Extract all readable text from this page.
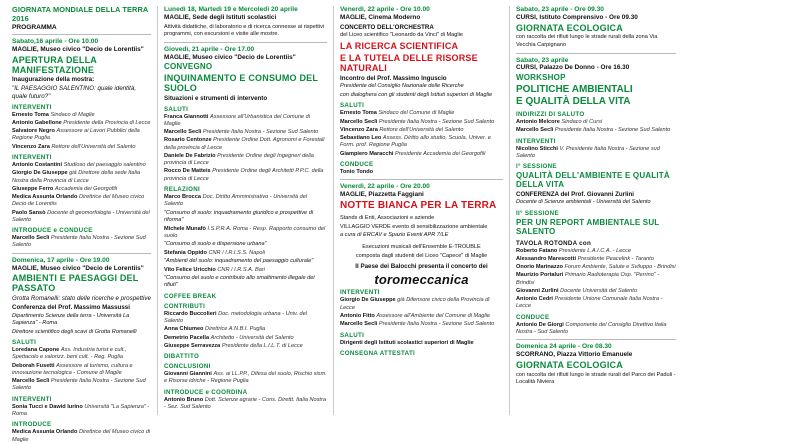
GIORNATA MONDIALE DELLA TERRA 2016
PROGRAMMA
Sabato,16 aprile - Ore 10.00
MAGLIE, Museo civico "Decio de Lorentiis"
APERTURA DELLA MANIFESTAZIONE
Inaugurazione della mostra:
"IL PAESAGGIO SALENTINO: quale identità, quale futuro?"
INTERVENTI
Ernesto Toma Sindaco di Maglie
Antonio Gabellone Presidente della Provincia di Lecce
Salvatore Negro Assessore ai Lavori Pubblici della Regione Puglia
Vincenzo Zara Rettore dell'Università del Salento
INTERVENTI
Antonio Costantini Studioso del paesaggio salentino
Giorgio De Giuseppe già Direttore della sede Italia Nostra della Provincia di Lecce
Giuseppe Ferro Accademia dei Georgofili
Medica Assunta Orlando Direttrice del Museo civico Decio de Lorentiis
Paolo Sansò Docente di geomorfologia - Università del Salento
INTRODUCE e CONDUCE
Marcello Seclì Presidente Italia Nostra - Sezione Sud Salento
Domenica, 17 aprile - Ore 19.00
MAGLIE, Museo civico "Decio de Lorentiis"
AMBIENTI E PAESAGGI DEL PASSATO
Grotta Romanelli: stato delle ricerche e prospettive
Conferenza del Prof. Massimo Massussi
Dipartimento Scienze della terra - Università La Sapienza" - Roma
Direttore scientifico degli scavi di Grotta Romanelli
SALUTI
Loredana Capone Ass. Industria turist e cult., Spettacolo e valorizz. beni cult. - Reg. Puglia
Deborah Fusetti Assessore al turismo, cultura e innovazione tecnologica - Comune di Maglie
Marcello Seclì Presidente Italia Nostra - Sezione Sud Salento
INTERVENTI
Sonia Tucci e Dawid Iurino Università "La Sapienza" - Roma
INTRODUCE
Medica Assunta Orlando Direttrice del Museo civico di Maglie
Lunedì 18, Martedì 19 e Mercoledì 20 aprile
MAGLIE, Sede degli Istituti scolastici
Attività didattiche, di laboratorio e di ricerca connesse ai rispettivi programmi, con escursioni e visite alle mostre.
Giovedì, 21 aprile - Ore 17.00
MAGLIE, Museo civico "Decio de Lorentiis"
CONVEGNO
INQUINAMENTO E CONSUMO DEL SUOLO
Situazioni e strumenti di intervento
SALUTI
Franca Giannotti Assessore all'Urbanistica del Comune di Maglie
Marcello Seclì Presidente Italia Nostra - Sezione Sud Salento
Rosario Centonze Presidente Ordine Dott. Agronomi e Forestali della provincia di Lecce
Daniele De Fabrizio Presidente Ordine degli Ingegneri della provincia di Lecce
Rocco De Matteis Presidente Ordine degli Architetti P.P.C. della provincia di Lecce
RELAZIONI
Marco Brocca Doc. Diritto Amministrativo - Università del Salento
"Consumo di suolo: inquadramento giuridico e prospettive di riforma"
Michele Munafò I.S.P.R.A. Roma - Resp. Rapporto consumo del suolo
"Consumo di suolo e dispersione urbana"
Stefania Oppido CNR / I.R.I.S.S. Napoli
"Ambienti del suolo: inquadramento del paesaggio culturale"
Vito Felice Uricchio CNR / I.R.S.A. Bari
"Consumo del suolo e contributo allo smaltimento illegale dei rifiuti"
COFFEE BREAK
CONTRIBUTI
Riccardo Buccolieri Doc. metodologia urbana - Univ. del Salento
Anna Chiumeo Direttrice A.N.B.I. Puglia
Demetrio Pacella Architetto - Università del Salento
Giuseppe Serravezza Presidente della L.I.L.T. di Lecce
DIBATTITO
CONCLUSIONI
Giovanni Giannini Ass. ai LL.PP., Difesa del suolo, Rischio sism. e Risorse idriche - Regione Puglia
INTRODUCE e COORDINA
Antonio Bruno Dott. Scienze agrarie - Cons. Direttt. Italia Nostra - Sez. Sud Salento
Venerdì, 22 aprile - Ore 10.00
MAGLIE, Cinema Moderno
CONCERTO DELL'ORCHESTRA
del Liceo scientifico "Leonardo da Vinci" di Maglie
LA RICERCA SCIENTIFICA
E LA TUTELA DELLE RISORSE NATURALI
Incontro del Prof. Massimo Inguscio
Presidente del Consiglio Nazionale delle Ricerche
con dialoghera con gli studenti degli Istituti superiori di Maglie
SALUTI
Ernesto Toma Sindaco del Comune di Maglie
Marcello Seclì Presidente Italia Nostra - Sezione Sud Salento
Vincenzo Zara Rettore dell'Università del Salento
Sebastiano Leo Assess. Diritto allo studio, Scuola, Univer. e Form. prof. Regione Puglia
Giampiero Maracchi Presidente Accademia dei Georgofili
CONDUCE
Tonio Tondo
Venerdì, 22 aprile - Ore 20.00
MAGLIE, Piazzetta Faggiani
NOTTE BIANCA PER LA TERRA
Stands di Enti, Associazioni e aziende
VILLAGGIO VERDE evento di sensibilizzazione ambientale
a cura di ERCAV e Spazio Eventi APR 7/LE
Esecuzioni musicali dell'Ensemble E-TROUBLE
composta dagli studenti del Liceo "Capece" di Maglie
Il Paese dei Balocchi presenta il concerto dei
toromeccanica
INTERVENTI
Giorgio De Giuseppe già Difensore civico della Provincia di Lecce
Antonio Fitto Assessore all'Ambiente del Comune di Maglie
Marcello Seclì Presidente Italia Nostra - Sezione Sud Salento
SALUTI
Dirigenti degli Istituti scolastici superiori di Maglie
CONSEGNA ATTESTATI
Sabato, 23 aprile - Ore 09.30
CURSI, Istituto Comprensivo - Ore 09.30
GIORNATA ECOLOGICA
con raccolta dei rifiuti lungo le strade rurali della zona Via Vecchia Carpignano
Sabato, 23 aprile
CURSI, Palazzo De Donno - Ore 16.30
WORKSHOP
POLITICHE AMBIENTALI
E QUALITÀ DELLA VITA
INDIRIZZI DI SALUTO
Antonio Melcore Sindaco di Cursi
Marcello Seclì Presidente Italia Nostra - Sezione Sud Salento
INTERVENTI
Nicolino Sticchi V. Presidente Italia Nostra - Sezione sud Salento
I° SESSIONE
QUALITÀ DELL'AMBIENTE E QUALITÀ DELLA VITA
CONFERENZA del Prof. Giovanni Zurlini
Docente di Scienze ambientali - Università del Salento
II° SESSIONE
PER UN REPORT AMBIENTALE SUL SALENTO
TAVOLA ROTONDA con
Roberto Fatano Presidente L.A.I.C.A. - Lecce
Alessandro Marescotti Presidente Peacelink - Taranto
Onorio Marinazzo Forum Ambiente, Salute e Sviluppo - Brindisi
Maurizio Portaluri Primario Radioterapia Osp. "Perrino" - Brindisi
Giovanni Zurlini Docente Università del Salento
Antonio Cedri Presidente Unione Comunale Italia Nostra - Lecce
CONDUCE
Antonio De Giorgi Componente del Consiglio Direttivo Italia Nostra - Sud Salento
Domenica 24 aprile - Ore 08.30
SCORRANO, Piazza Vittorio Emanuele
GIORNATA ECOLOGICA
con raccolta dei rifiuti lungo le strade rurali del Parco dei Paduli - Località Niviera
